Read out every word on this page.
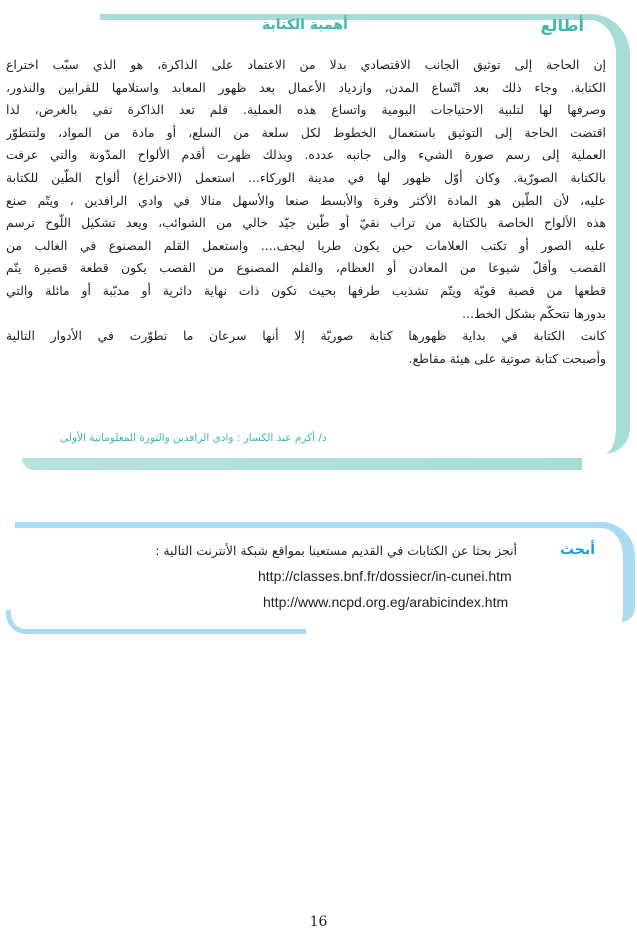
أطالع
أهمية الكتابة
إن الحاجة إلى توثيق الجانب الاقتصادي بدلا من الاعتماد على الذاكرة، هو الذي سبّب اختراع
الكتابة. وجاء ذلك بعد اتّساع المدن، وازدياد الأعمال بعد ظهور المعابد واستلامها للقرابين والنذور،
وصرفها لها لتلبية الاحتياجات اليومية واتساع هذه العملية. فلم تعد الذاكرة تفي بالغرض، لذا
اقتضت الحاجة إلى التوثيق باستعمال الخطوط لكل سلعة من السلع، أو مادة من المواد، ولتتطوّر
العملية إلى رسم صورة الشيء والى جانبه عدده. وبذلك ظهرت أقدم الألواح المدّونة والتي عرفت
بالكتابة الصورّية. وكان أوّل ظهور لها في مدينة الوركاء... استعمل (الاختراع) ألواح الطّين للكتابة
عليه، لأن الطّين هو المادة الأكثر وفرة والأبسط صنعا والأسهل منالا في وادي الرافدين ، ويتّم صنع
هذه الألواح الخاصة بالكتابة من تراب نقيّ أو طّين جيّد خالي من الشوائب، ويعد تشكيل اللّوح ترسم
عليه الصور أو تكتب العلامات حين يكون طريا ليجف.... واستعمل القلم المصنوع في الغالب من
القصب وأقلّ شيوعا من المعادن أو العظام، والقلم المصنوع من القصب يكون قطعة قصيرة يتّم
قطعها من قصبة قويّة ويتّم تشذيب طرفها بحيث تكون ذات نهاية دائرية أو مدبّبة أو مائلة والتي
بدورها تتحكّم بشكل الخط...
كانت الكتابة في بداية ظهورها كتابة صوريّة إلا أنها سرعان ما تطوّرت في الأدوار التالية
وأصبحت كتابة صوتية على هيئة مقاطع.
د/ أكرم عبد الكسار : وادي الرافدين والثورة المعلوماتية الأولى
أبحث
أنجز بحثا عن الكتابات في القديم مستعينا بمواقع شبكة الأنترنت التالية :
http://classes.bnf.fr/dossiecr/in-cunei.htm
http://www.ncpd.org.eg/arabicindex.htm
16
